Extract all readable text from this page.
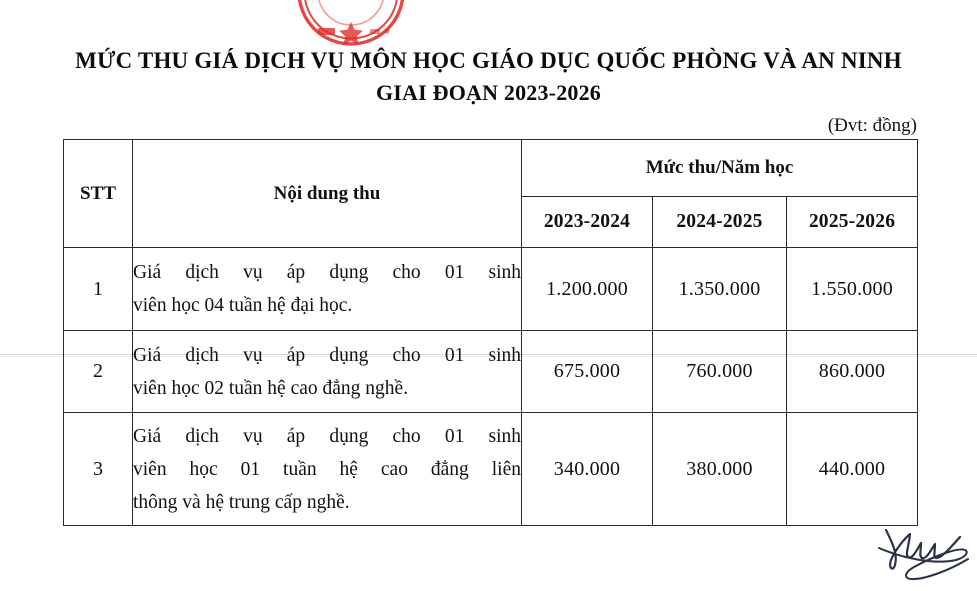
MỨC THU GIÁ DỊCH VỤ MÔN HỌC GIÁO DỤC QUỐC PHÒNG VÀ AN NINH
GIAI ĐOẠN 2023-2026
(Đvt: đồng)
STT	Nội dung thu	Mức thu/Năm học		
		2023-2024	2024-2025	2025-2026
1	Giá dịch vụ áp dụng cho 01 sinh
viên học 04 tuần hệ đại học.	1.200.000	1.350.000	1.550.000
2	Giá dịch vụ áp dụng cho 01 sinh
viên học 02 tuần hệ cao đẳng nghề.	675.000	760.000	860.000
3	Giá dịch vụ áp dụng cho 01 sinh
viên học 01 tuần hệ cao đẳng liên
thông và hệ trung cấp nghề.	340.000	380.000	440.000
